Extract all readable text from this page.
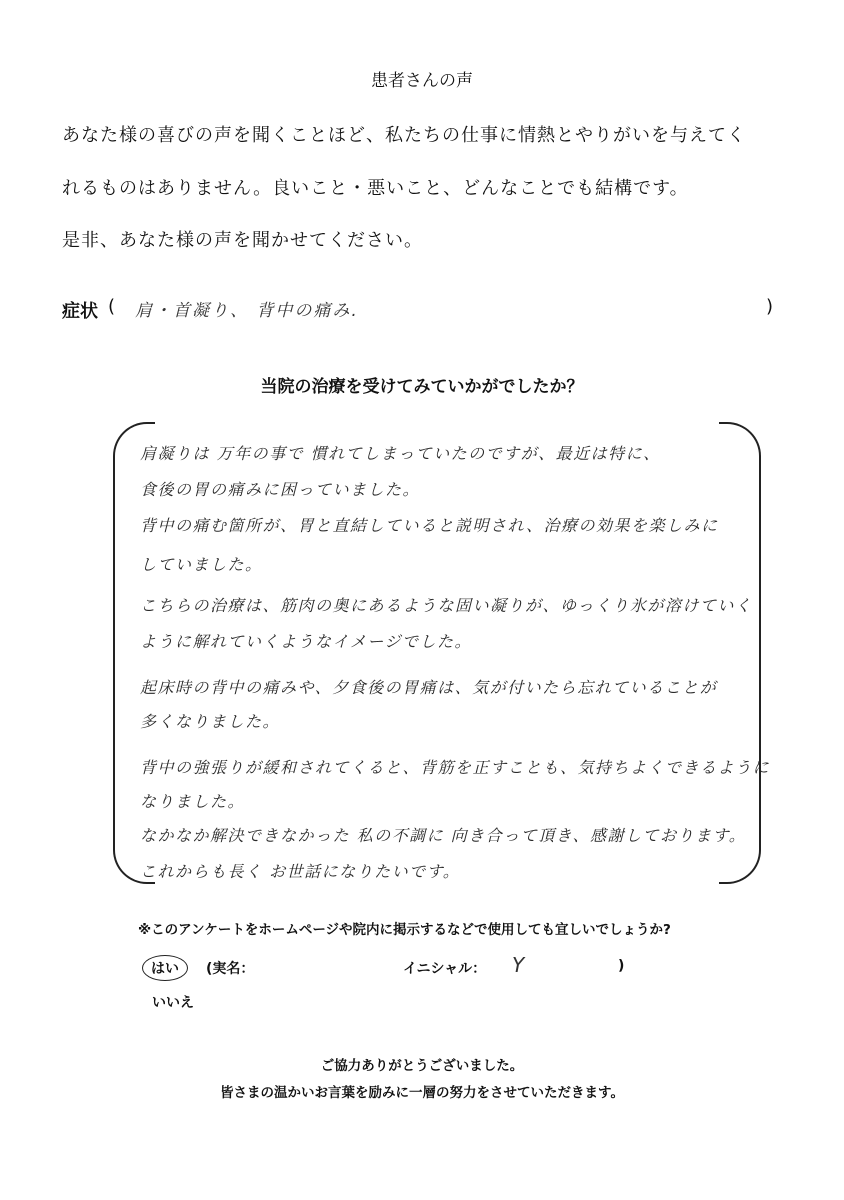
患者さんの声
あなた様の喜びの声を聞くことほど、私たちの仕事に情熱とやりがいを与えてく
れるものはありません。良いこと・悪いこと、どんなことでも結構です。
是非、あなた様の声を聞かせてください。
症状 ( 肩・首凝り、 背中の痛み.	)
当院の治療を受けてみていかがでしたか？
肩凝りは 万年の事で 慣れてしまっていたのですが、最近は特に、
食後の胃の痛みに困っていました。
背中の痛む箇所が、胃と直結していると説明され、治療の効果を楽しみに
していました。
こちらの治療は、筋肉の奥にあるような固い凝りが、ゆっくり氷が溶けていく
ように解れていくようなイメージでした。
起床時の背中の痛みや、夕食後の胃痛は、気が付いたら忘れていることが
多くなりました。
背中の強張りが緩和されてくると、背筋を正すことも、気持ちよくできるように
なりました。
なかなか解決できなかった 私の不調に 向き合って頂き、感謝しております。
これからも長く お世話になりたいです。
※このアンケートをホームページや院内に掲示するなどで使用しても宜しいでしょうか?
はい	(実名：	イニシャル： Y	)
いいえ
ご協力ありがとうございました。
皆さまの温かいお言葉を励みに一層の努力をさせていただきます。
